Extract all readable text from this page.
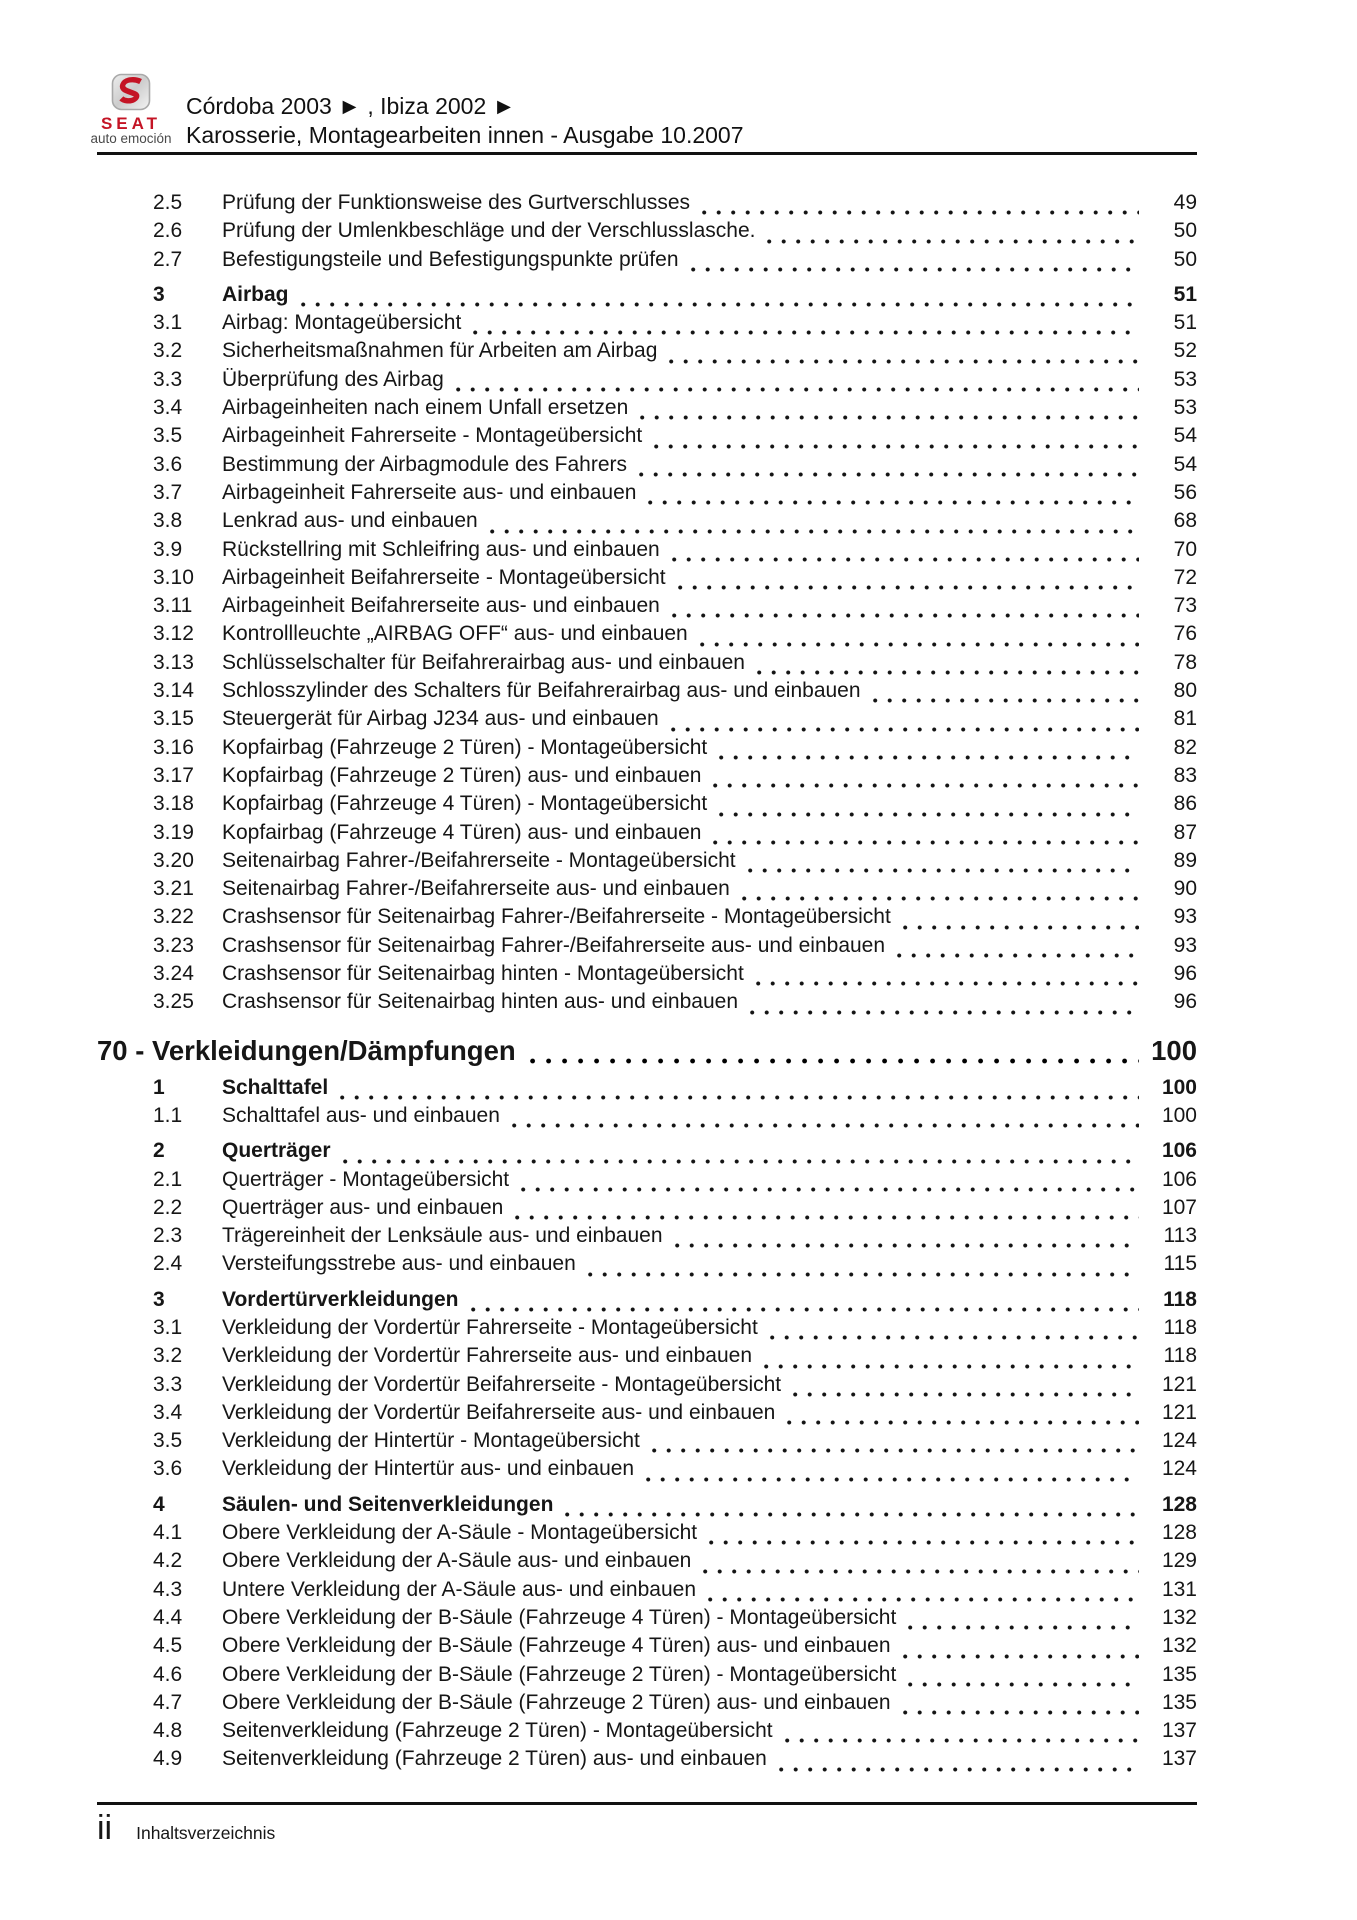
SEAT
auto emoción
Córdoba 2003 ► , Ibiza 2002 ►
Karosserie, Montagearbeiten innen - Ausgabe 10.2007
2.5	Prüfung der Funktionsweise des Gurtverschlusses	49
2.6	Prüfung der Umlenkbeschläge und der Verschlusslasche.	50
2.7	Befestigungsteile und Befestigungspunkte prüfen	50
3	Airbag	51
3.1	Airbag: Montageübersicht	51
3.2	Sicherheitsmaßnahmen für Arbeiten am Airbag	52
3.3	Überprüfung des Airbag	53
3.4	Airbageinheiten nach einem Unfall ersetzen	53
3.5	Airbageinheit Fahrerseite - Montageübersicht	54
3.6	Bestimmung der Airbagmodule des Fahrers	54
3.7	Airbageinheit Fahrerseite aus- und einbauen	56
3.8	Lenkrad aus- und einbauen	68
3.9	Rückstellring mit Schleifring aus- und einbauen	70
3.10	Airbageinheit Beifahrerseite - Montageübersicht	72
3.11	Airbageinheit Beifahrerseite aus- und einbauen	73
3.12	Kontrollleuchte „AIRBAG OFF“ aus- und einbauen	76
3.13	Schlüsselschalter für Beifahrerairbag aus- und einbauen	78
3.14	Schlosszylinder des Schalters für Beifahrerairbag aus- und einbauen	80
3.15	Steuergerät für Airbag J234 aus- und einbauen	81
3.16	Kopfairbag (Fahrzeuge 2 Türen) - Montageübersicht	82
3.17	Kopfairbag (Fahrzeuge 2 Türen) aus- und einbauen	83
3.18	Kopfairbag (Fahrzeuge 4 Türen) - Montageübersicht	86
3.19	Kopfairbag (Fahrzeuge 4 Türen) aus- und einbauen	87
3.20	Seitenairbag Fahrer-/Beifahrerseite - Montageübersicht	89
3.21	Seitenairbag Fahrer-/Beifahrerseite aus- und einbauen	90
3.22	Crashsensor für Seitenairbag Fahrer-/Beifahrerseite - Montageübersicht	93
3.23	Crashsensor für Seitenairbag Fahrer-/Beifahrerseite aus- und einbauen	93
3.24	Crashsensor für Seitenairbag hinten - Montageübersicht	96
3.25	Crashsensor für Seitenairbag hinten aus- und einbauen	96
70 - Verkleidungen/Dämpfungen	100
1	Schalttafel	100
1.1	Schalttafel aus- und einbauen	100
2	Querträger	106
2.1	Querträger - Montageübersicht	106
2.2	Querträger aus- und einbauen	107
2.3	Trägereinheit der Lenksäule aus- und einbauen	113
2.4	Versteifungsstrebe aus- und einbauen	115
3	Vordertürverkleidungen	118
3.1	Verkleidung der Vordertür Fahrerseite - Montageübersicht	118
3.2	Verkleidung der Vordertür Fahrerseite aus- und einbauen	118
3.3	Verkleidung der Vordertür Beifahrerseite - Montageübersicht	121
3.4	Verkleidung der Vordertür Beifahrerseite aus- und einbauen	121
3.5	Verkleidung der Hintertür - Montageübersicht	124
3.6	Verkleidung der Hintertür aus- und einbauen	124
4	Säulen- und Seitenverkleidungen	128
4.1	Obere Verkleidung der A-Säule - Montageübersicht	128
4.2	Obere Verkleidung der A-Säule aus- und einbauen	129
4.3	Untere Verkleidung der A-Säule aus- und einbauen	131
4.4	Obere Verkleidung der B-Säule (Fahrzeuge 4 Türen) - Montageübersicht	132
4.5	Obere Verkleidung der B-Säule (Fahrzeuge 4 Türen) aus- und einbauen	132
4.6	Obere Verkleidung der B-Säule (Fahrzeuge 2 Türen) - Montageübersicht	135
4.7	Obere Verkleidung der B-Säule (Fahrzeuge 2 Türen) aus- und einbauen	135
4.8	Seitenverkleidung (Fahrzeuge 2 Türen) - Montageübersicht	137
4.9	Seitenverkleidung (Fahrzeuge 2 Türen) aus- und einbauen	137
ii Inhaltsverzeichnis
